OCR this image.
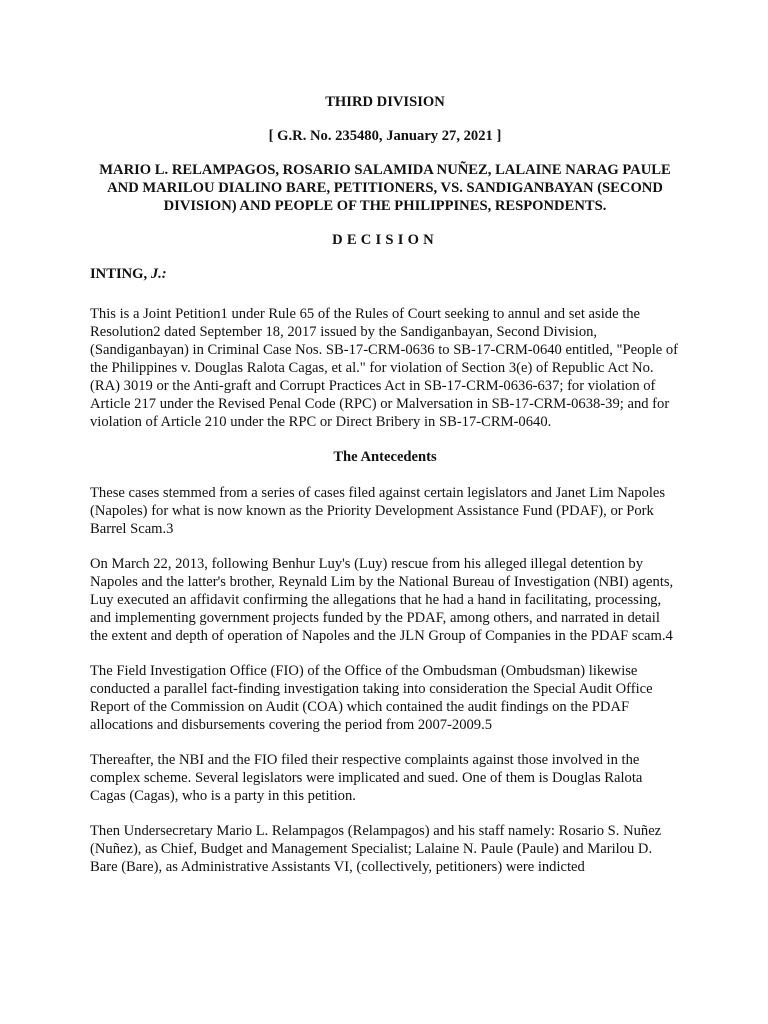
THIRD DIVISION

[ G.R. No. 235480, January 27, 2021 ]

MARIO L. RELAMPAGOS, ROSARIO SALAMIDA NUÑEZ, LALAINE NARAG PAULE AND MARILOU DIALINO BARE, PETITIONERS, VS. SANDIGANBAYAN (SECOND DIVISION) AND PEOPLE OF THE PHILIPPINES, RESPONDENTS.

DECISION

INTING, J.:

This is a Joint Petition1 under Rule 65 of the Rules of Court seeking to annul and set aside the Resolution2 dated September 18, 2017 issued by the Sandiganbayan, Second Division, (Sandiganbayan) in Criminal Case Nos. SB-17-CRM-0636 to SB-17-CRM-0640 entitled, "People of the Philippines v. Douglas Ralota Cagas, et al." for violation of Section 3(e) of Republic Act No. (RA) 3019 or the Anti-graft and Corrupt Practices Act in SB-17-CRM-0636-637; for violation of Article 217 under the Revised Penal Code (RPC) or Malversation in SB-17-CRM-0638-39; and for violation of Article 210 under the RPC or Direct Bribery in SB-17-CRM-0640.

The Antecedents

These cases stemmed from a series of cases filed against certain legislators and Janet Lim Napoles (Napoles) for what is now known as the Priority Development Assistance Fund (PDAF), or Pork Barrel Scam.3

On March 22, 2013, following Benhur Luy's (Luy) rescue from his alleged illegal detention by Napoles and the latter's brother, Reynald Lim by the National Bureau of Investigation (NBI) agents, Luy executed an affidavit confirming the allegations that he had a hand in facilitating, processing, and implementing government projects funded by the PDAF, among others, and narrated in detail the extent and depth of operation of Napoles and the JLN Group of Companies in the PDAF scam.4

The Field Investigation Office (FIO) of the Office of the Ombudsman (Ombudsman) likewise conducted a parallel fact-finding investigation taking into consideration the Special Audit Office Report of the Commission on Audit (COA) which contained the audit findings on the PDAF allocations and disbursements covering the period from 2007-2009.5

Thereafter, the NBI and the FIO filed their respective complaints against those involved in the complex scheme. Several legislators were implicated and sued. One of them is Douglas Ralota Cagas (Cagas), who is a party in this petition.

Then Undersecretary Mario L. Relampagos (Relampagos) and his staff namely: Rosario S. Nuñez (Nuñez), as Chief, Budget and Management Specialist; Lalaine N. Paule (Paule) and Marilou D. Bare (Bare), as Administrative Assistants VI, (collectively, petitioners) were indicted
